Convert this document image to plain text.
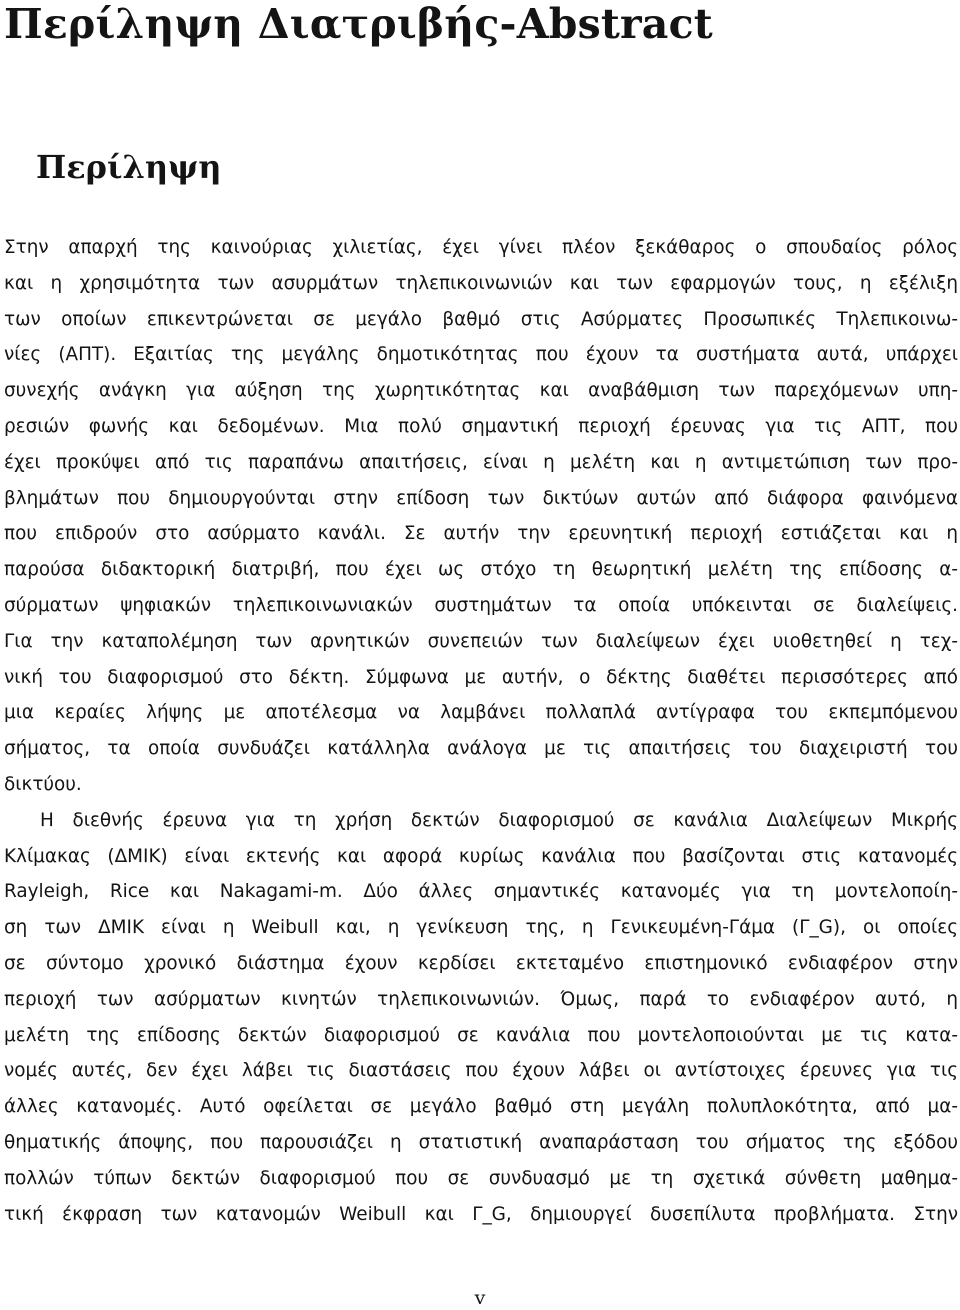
Περίληψη Διατριβής-Abstract
Περίληψη
Στην απαρχή της καινούριας χιλιετίας, έχει γίνει πλέον ξεκάθαρος ο σπουδαίος ρόλος
και η χρησιμότητα των ασυρμάτων τηλεπικοινωνιών και των εφαρμογών τους, η εξέλιξη
των οποίων επικεντρώνεται σε μεγάλο βαθμό στις Ασύρματες Προσωπικές Τηλεπικοινω-
νίες (ΑΠΤ). Εξαιτίας της μεγάλης δημοτικότητας που έχουν τα συστήματα αυτά, υπάρχει
συνεχής ανάγκη για αύξηση της χωρητικότητας και αναβάθμιση των παρεχόμενων υπη-
ρεσιών φωνής και δεδομένων. Μια πολύ σημαντική περιοχή έρευνας για τις ΑΠΤ, που
έχει προκύψει από τις παραπάνω απαιτήσεις, είναι η μελέτη και η αντιμετώπιση των προ-
βλημάτων που δημιουργούνται στην επίδοση των δικτύων αυτών από διάφορα φαινόμενα
που επιδρούν στο ασύρματο κανάλι. Σε αυτήν την ερευνητική περιοχή εστιάζεται και η
παρούσα διδακτορική διατριβή, που έχει ως στόχο τη θεωρητική μελέτη της επίδοσης α-
σύρματων ψηφιακών τηλεπικοινωνιακών συστημάτων τα οποία υπόκεινται σε διαλείψεις.
Για την καταπολέμηση των αρνητικών συνεπειών των διαλείψεων έχει υιοθετηθεί η τεχ-
νική του διαφορισμού στο δέκτη. Σύμφωνα με αυτήν, ο δέκτης διαθέτει περισσότερες από
μια κεραίες λήψης με αποτέλεσμα να λαμβάνει πολλαπλά αντίγραφα του εκπεμπόμενου
σήματος, τα οποία συνδυάζει κατάλληλα ανάλογα με τις απαιτήσεις του διαχειριστή του
δικτύου.
Η διεθνής έρευνα για τη χρήση δεκτών διαφορισμού σε κανάλια Διαλείψεων Μικρής
Κλίμακας (ΔΜΙΚ) είναι εκτενής και αφορά κυρίως κανάλια που βασίζονται στις κατανομές
Rayleigh, Rice και Nakagami-m. Δύο άλλες σημαντικές κατανομές για τη μοντελοποίη-
ση των ΔΜΙΚ είναι η Weibull και, η γενίκευση της, η Γενικευμένη-Γάμα (Γ_G), οι οποίες
σε σύντομο χρονικό διάστημα έχουν κερδίσει εκτεταμένο επιστημονικό ενδιαφέρον στην
περιοχή των ασύρματων κινητών τηλεπικοινωνιών. Όμως, παρά το ενδιαφέρον αυτό, η
μελέτη της επίδοσης δεκτών διαφορισμού σε κανάλια που μοντελοποιούνται με τις κατα-
νομές αυτές, δεν έχει λάβει τις διαστάσεις που έχουν λάβει οι αντίστοιχες έρευνες για τις
άλλες κατανομές. Αυτό οφείλεται σε μεγάλο βαθμό στη μεγάλη πολυπλοκότητα, από μα-
θηματικής άποψης, που παρουσιάζει η στατιστική αναπαράσταση του σήματος της εξόδου
πολλών τύπων δεκτών διαφορισμού που σε συνδυασμό με τη σχετικά σύνθετη μαθημα-
τική έκφραση των κατανομών Weibull και Γ_G, δημιουργεί δυσεπίλυτα προβλήματα. Στην
v
